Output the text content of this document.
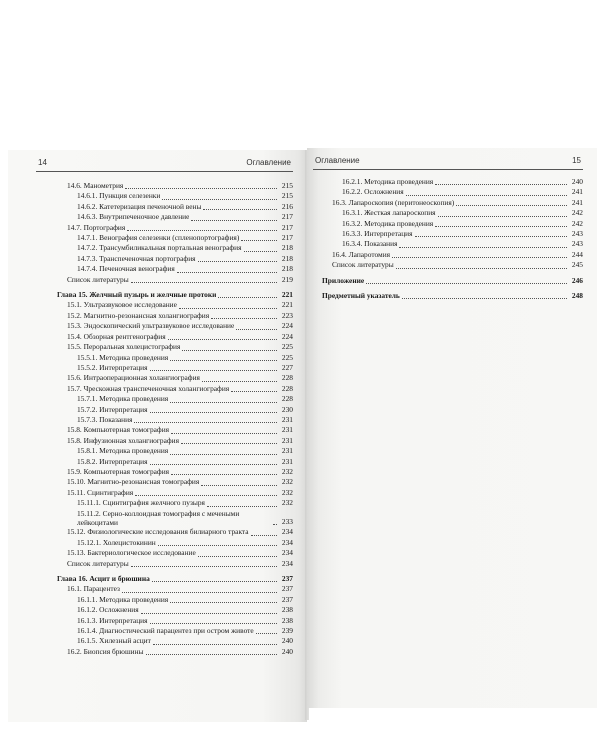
14	Оглавление
14.6. Манометрия	215
14.6.1. Пункция селезенки	215
14.6.2. Катетеризация печеночной вены	216
14.6.3. Внутрипеченочное давление	217
14.7. Портография	217
14.7.1. Венография селезенки (спленопортография)	217
14.7.2. Трансумбиликальная портальная венография	218
14.7.3. Транспеченочная портография	218
14.7.4. Печеночная венография	218
Список литературы	219
Глава 15. Желчный пузырь и желчные протоки	221
15.1. Ультразвуковое исследование	221
15.2. Магнитно-резонансная холангиография	223
15.3. Эндоскопический ультразвуковое исследование	224
15.4. Обзорная рентгенография	224
15.5. Пероральная холецистография	225
15.5.1. Методика проведения	225
15.5.2. Интерпретация	227
15.6. Интраоперационная холангиография	228
15.7. Чрескожная транспеченочная холангиография	228
15.7.1. Методика проведения	228
15.7.2. Интерпретация	230
15.7.3. Показания	231
15.8. Компьютерная томография	231
15.8. Инфузионная холангиография	231
15.8.1. Методика проведения	231
15.8.2. Интерпретация	231
15.9. Компьютерная томография	232
15.10. Магнитно-резонансная томография	232
15.11. Сцинтиграфия	232
15.11.1. Сцинтиграфия желчного пузыря	232
15.11.2. Серно-коллоидная томография с мечеными лейкоцитами	233
15.12. Физиологические исследования билиарного тракта	234
15.12.1. Холецистокинин	234
15.13. Бактериологическое исследование	234
Список литературы	234
Глава 16. Асцит и брюшина	237
16.1. Парацентез	237
16.1.1. Методика проведения	237
16.1.2. Осложнения	238
16.1.3. Интерпретация	238
16.1.4. Диагностический парацентез при остром животе	239
16.1.5. Хилезный асцит	240
16.2. Биопсия брюшины	240
Оглавление	15
16.2.1. Методика проведения	240
16.2.2. Осложнения	241
16.3. Лапароскопия (перитонеоскопия)	241
16.3.1. Жесткая лапароскопия	242
16.3.2. Методика проведения	242
16.3.3. Интерпретация	243
16.3.4. Показания	243
16.4. Лапаротомия	244
Список литературы	245
Приложение	246
Предметный указатель	248
